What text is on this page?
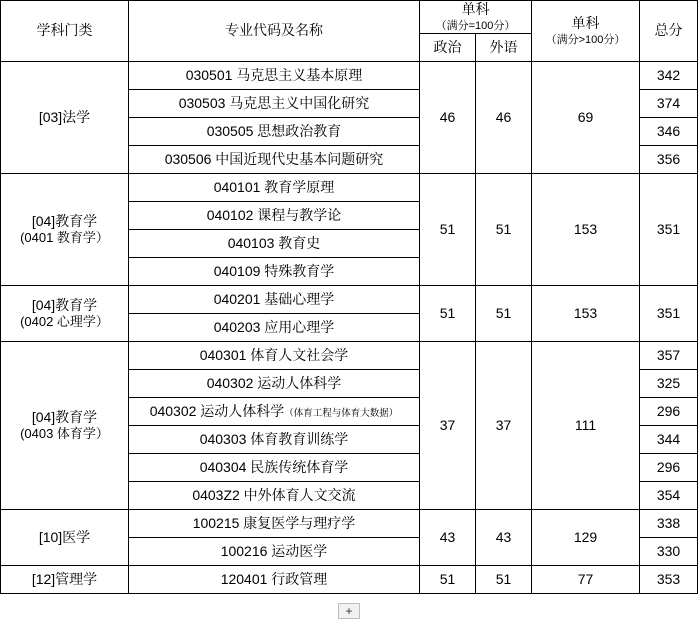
学科门类	专业代码及名称	单科
（满分=100分）		单科
（满分>100分）	总分
		政治	外语		
[03]法学	030501 马克思主义基本原理	46	46	69	342
	030503 马克思主义中国化研究				374
	030505 思想政治教育				346
	030506 中国近现代史基本问题研究				356
[04]教育学
(0401 教育学）	040101 教育学原理	51	51	153	351
	040102 课程与教学论				
	040103 教育史				
	040109 特殊教育学				
[04]教育学
(0402 心理学）	040201 基础心理学	51	51	153	351
	040203 应用心理学				
[04]教育学
(0403 体育学）	040301 体育人文社会学	37	37	111	357
	040302 运动人体科学				325
	040302 运动人体科学（体育工程与体育大数据）				296
	040303 体育教育训练学				344
	040304 民族传统体育学				296
	0403Z2 中外体育人文交流				354
[10]医学	100215 康复医学与理疗学	43	43	129	338
	100216 运动医学				330
[12]管理学	120401 行政管理	51	51	77	353
+
